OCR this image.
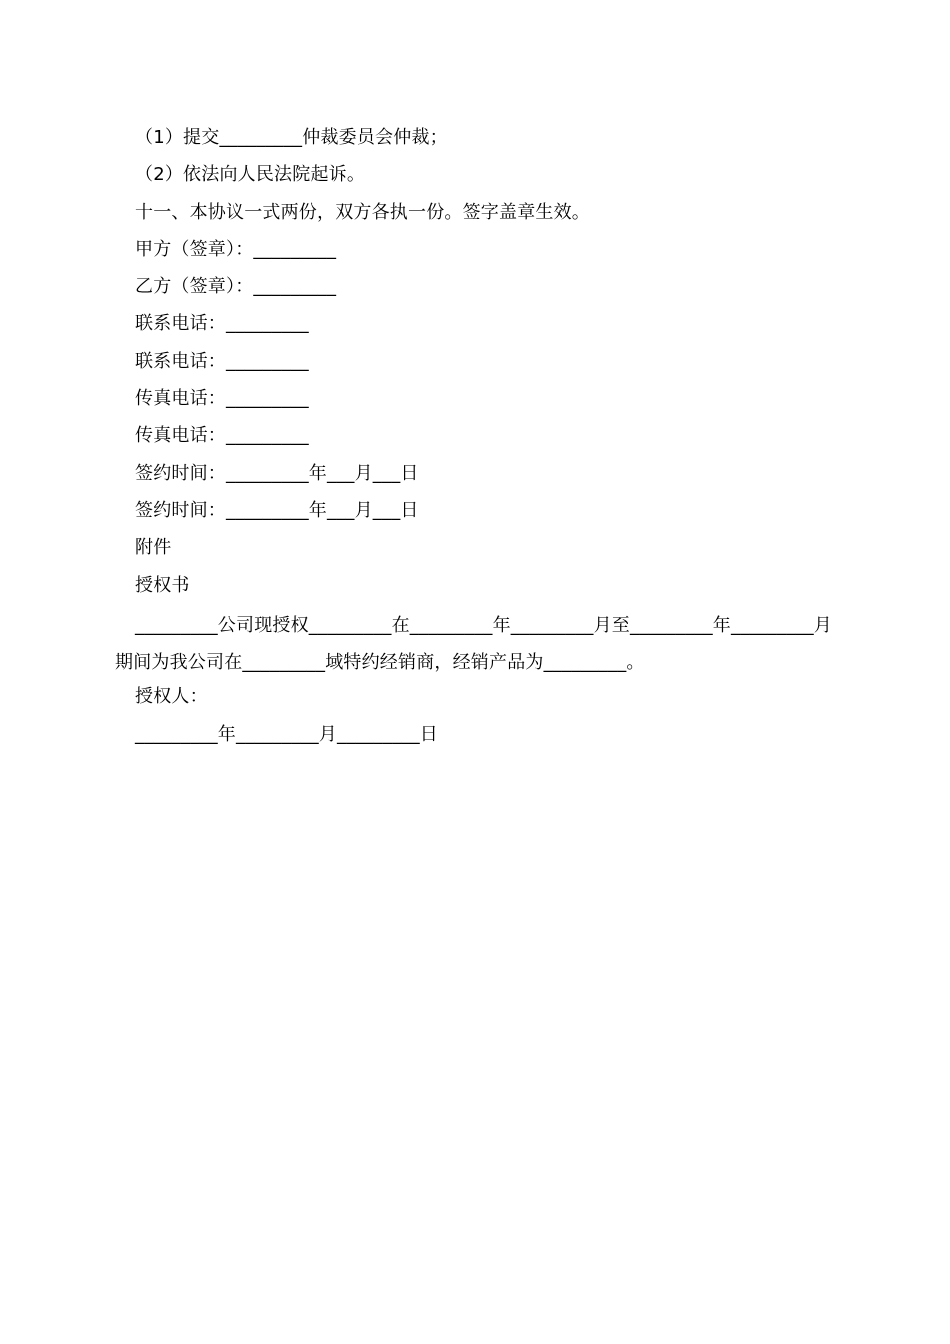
（1）提交_________仲裁委员会仲裁；
（2）依法向人民法院起诉。
十一、本协议一式两份，双方各执一份。签字盖章生效。
甲方（签章）：_________
乙方（签章）：_________
联系电话：_________
联系电话：_________
传真电话：_________
传真电话：_________
签约时间：_________年___月___日
签约时间：_________年___月___日
附件
授权书
_________公司现授权_________在_________年_________月至_________年_________月期间为我公司在_________域特约经销商，经销产品为_________。
授权人：
_________年_________月_________日
